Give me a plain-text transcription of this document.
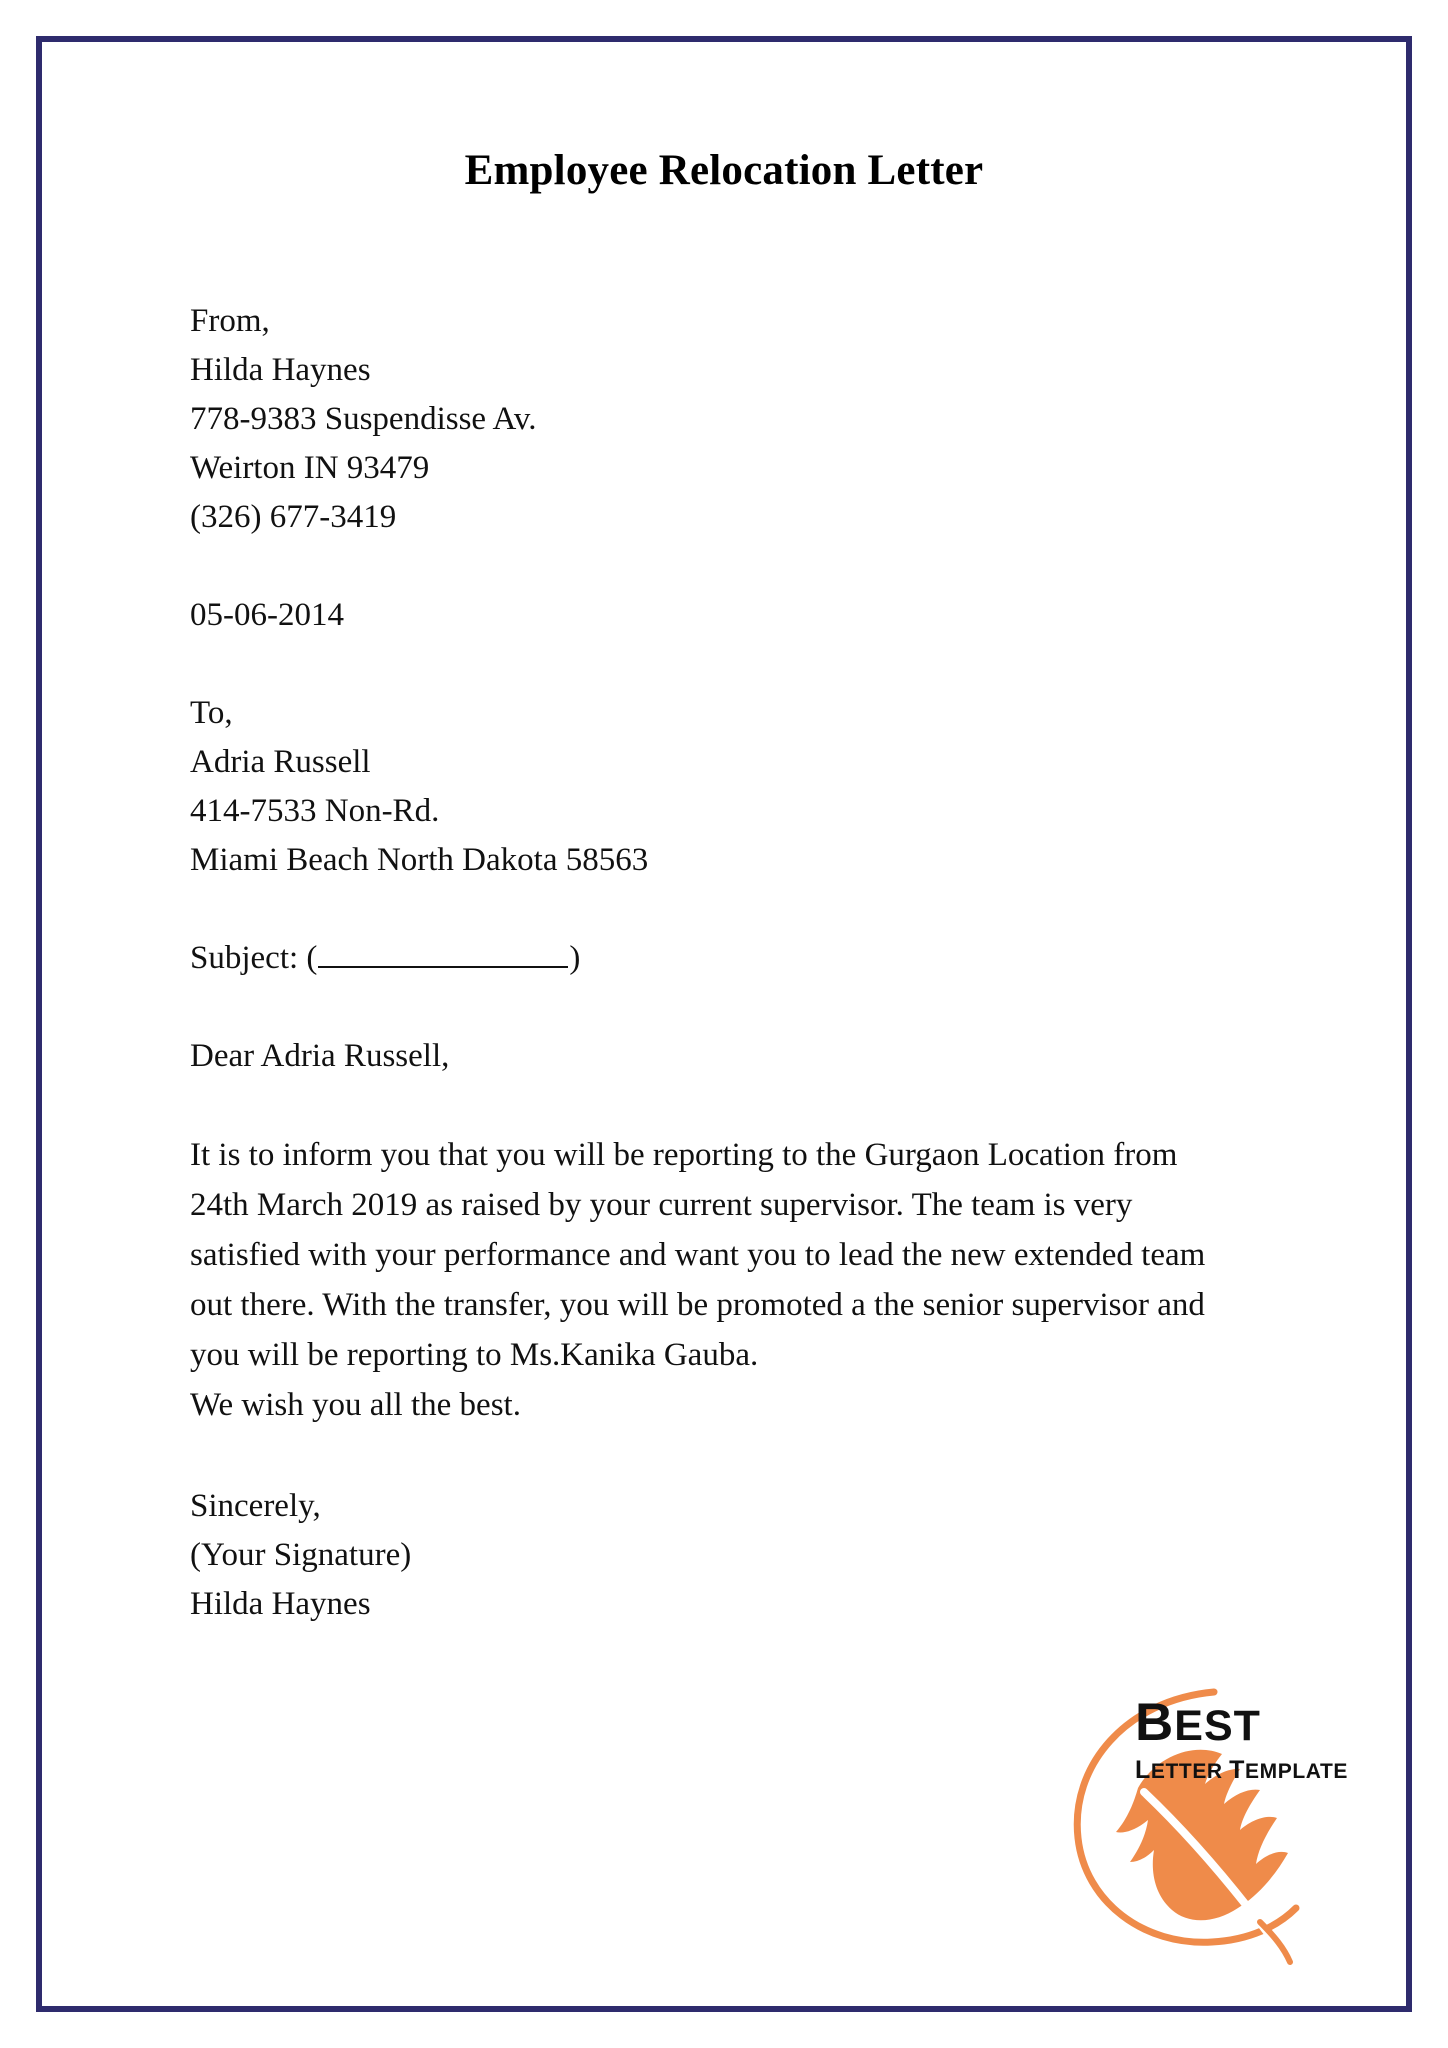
Employee Relocation Letter
From,
Hilda Haynes
778-9383 Suspendisse Av.
Weirton IN 93479
(326) 677-3419
05-06-2014
To,
Adria Russell
414-7533 Non-Rd.
Miami Beach North Dakota 58563
Subject: (	)
Dear Adria Russell,
It is to inform you that you will be reporting to the Gurgaon Location from 24th March 2019 as raised by your current supervisor. The team is very satisfied with your performance and want you to lead the new extended team out there. With the transfer, you will be promoted a the senior supervisor and you will be reporting to Ms.Kanika Gauba.
We wish you all the best.
Sincerely,
(Your Signature)
Hilda Haynes
BEST
LETTER TEMPLATE
